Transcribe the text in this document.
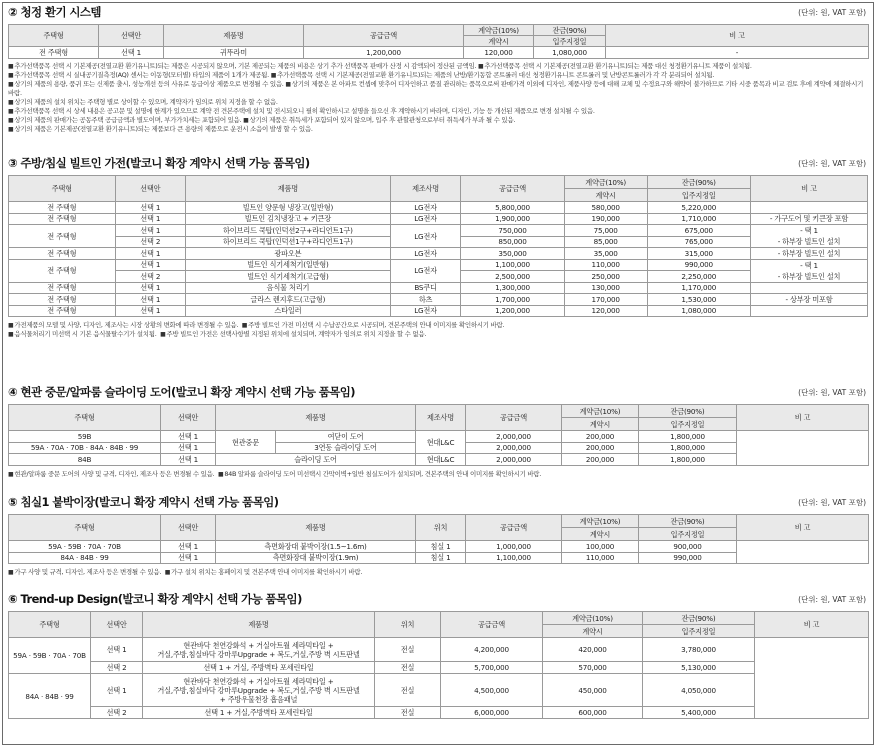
② 청정 환기 시스템	(단위: 원, VAT 포함)
주택형	선택안	제품명	공급금액	계약금(10%)	잔금(90%)	비 고
				계약시	입주지정일	
전 주택형	선택 1	귀뚜라미	1,200,000	120,000	1,080,000	-

■추가선택품목 선택 시 기본제공(전열교환 환기유니트)되는 제품은 시공되지 않으며, 기본 제공되는 제품의 비용은 상기 추가 선택품목 판매가 산정 시 감액되어 정산된 금액임. ■추가선택품목 선택 시 기본제공(전열교환 환기유니트)되는 제품 대신 청정환기유니트 제품이 설치됨.

■추가선택품목 선택 시 실내공기질측정(AQ) 센서는 이동형(모터별) 타입의 제품이 1개가 제공됨. ■추가선택품목 선택 시 기본제공(전열교환 환기유니트)되는 제품의 난방/환기동합 콘트롤러 대신 청정환기유니트 콘트롤러 및 난방콘트롤러가 각 각 분리되어 설치됨.

■상기의 제품의 용량, 품귀 또는 신제품 출시, 성능개선 등의 사유로 동급이상 제품으로 변경될 수 있음. ■상기의 제품은 본 아파트 컨셉에 맞추어 디자인하고 품질 관리하는 품목으로써 판매가격 이외에 디자인, 제품사양 등에 대해 교체 및 수정요구와 해약이 불가하므로 기타 시중 품목과 비교 검토 후에 계약에 체결하시기 바람.

■상기의 제품의 설치 위치는 주택형 별로 상이할 수 있으며, 계약자가 임의로 위치 지정을 할 수 없음.

■추가선택품목 선택 시 상세 내용은 공고문 및 설명에 한계가 있으므로 계약 전 견본주택에 설치 및 전시되오니 필히 확인하시고 설명을 들으신 후 계약하시기 바라며, 디자인, 기능 등 개선된 제품으로 변경 설치될 수 있음.

■상기의 제품의 판매가는 공동주택 공급금액과 별도이며, 부가가치세는 포함되어 있음. ■상기의 제품은 취득세가 포함되어 있지 않으며, 입주 후 관할관청으로부터 취득세가 부과 될 수 있음.

■상기의 제품은 기본제공(전열교환 환기유니트)되는 제품보다 큰 용량의 제품으로 운전시 소음이 발생 할 수 있음.

③ 주방/침실 빌트인 가전(발코니 확장 계약시 선택 가능 품목임)	(단위: 원, VAT 포함)
주택형	선택안	제품명	제조사명	공급금액	계약금(10%)	잔금(90%)	비 고
					계약시	입주지정일	
전 주택형	선택 1	빌트인 양문형 냉장고(일반형)	LG전자	5,800,000	580,000	5,220,000	
전 주택형	선택 1	빌트인 김치냉장고 + 키큰장	LG전자	1,900,000	190,000	1,710,000	- 가구도어 및 키큰장 포함
전 주택형	선택 1	하이브리드 쿡탑(인덕션2구+라디언트1구)	LG전자	750,000	75,000	675,000	- 택 1
- 하부장 빌트인 설치

	선택 2	하이브리드 쿡탑(인덕션1구+라디언트1구)		850,000	85,000	765,000	
전 주택형	선택 1	광파오븐	LG전자	350,000	35,000	315,000	- 하부장 빌트인 설치
전 주택형	선택 1	빌트인 식기세척기(일반형)	LG전자	1,100,000	110,000	990,000	- 택 1
- 하부장 빌트인 설치

	선택 2	빌트인 식기세척기(고급형)		2,500,000	250,000	2,250,000	
전 주택형	선택 1	음식물 처리기	BS쿠디	1,300,000	130,000	1,170,000	
전 주택형	선택 1	글라스 렌지후드(고급형)	하츠	1,700,000	170,000	1,530,000	- 상부장 미포함
전 주택형	선택 1	스타일러	LG전자	1,200,000	120,000	1,080,000	

■가전제품의 모델 및 사양, 디자인, 제조사는 시장 상황의 변화에 따라 변경될 수 있음. ■주방 빌트인 가전 미선택 시 수납공간으로 시공되며, 견본주택의 안내 이미지를 확인하시기 바람.

■음식물처리기 미선택 시 기본 음식물탈수기가 설치됨. ■주방 빌트인 가전은 선택사항별 지정된 위치에 설치되며, 계약자가 임의로 위치 지정을 할 수 없음.

④ 현관 중문/알파룸 슬라이딩 도어(발코니 확장 계약시 선택 가능 품목임)	(단위: 원, VAT 포함)
주택형	선택안	제품명		제조사명	공급금액	계약금(10%)	잔금(90%)	비 고
						계약시	입주지정일	
59B	선택 1	현관중문	여닫이 도어	현대L&C	2,000,000	200,000	1,800,000	
59A · 70A · 70B · 84A · 84B · 99	선택 1		3연동 슬라이딩 도어		2,000,000	200,000	1,800,000	
84B	선택 1	슬라이딩 도어		현대L&C	2,000,000	200,000	1,800,000	

■현관/알파룸 중문 도어의 사양 및 규격, 디자인, 제조사 등은 변경될 수 있음. ■84B 알파룸 슬라이딩 도어 미선택시 간막이벽+일반 침실도어가 설치되며, 견본주택의 안내 이미지를 확인하시기 바람.

⑤ 침실1 붙박이장(발코니 확장 계약시 선택 가능 품목임)	(단위: 원, VAT 포함)
주택형	선택안	제품명	위치	공급금액	계약금(10%)	잔금(90%)	비 고
					계약시	입주지정일	
59A · 59B · 70A · 70B	선택 1	측면화장대 붙박이장(1.5~1.6m)	침실 1	1,000,000	100,000	900,000	
84A · 84B · 99	선택 1	측면화장대 붙박이장(1.9m)	침실 1	1,100,000	110,000	990,000	

■가구 사양 및 규격, 디자인, 제조사 등은 변경될 수 있음. ■가구 설치 위치는 홍페이지 및 견본주택 안내 이미지를 확인하시기 바람.

⑥ Trend-up Design(발코니 확장 계약시 선택 가능 품목임)	(단위: 원, VAT 포함)
주택형	선택안	제품명	위치	공급금액	계약금(10%)	잔금(90%)	비 고
					계약시	입주지정일	
59A · 59B · 70A · 70B	선택 1	현관바닥 천연강화석 + 거실아트월 세라믹타일 +
거실,주방,침실바닥 강마루Upgrade + 복도,거실,주방 벽 시트판넬	전실	4,200,000	420,000	3,780,000	
	선택 2	선택 1 + 거실, 주방벽타 포세린타일	전실	5,700,000	570,000	5,130,000	
84A · 84B · 99	선택 1	현관바닥 천연강화석 + 거실아트월 세라믹타일 +
거실,주방,침실바닥 강마루Upgrade + 복도,거실,주방 벽 시트판넬
+ 주방우물천장 흡음패널	전실	4,500,000	450,000	4,050,000	
	선택 2	선택 1 + 거실,주방벽타 포세린타일	전실	6,000,000	600,000	5,400,000	
